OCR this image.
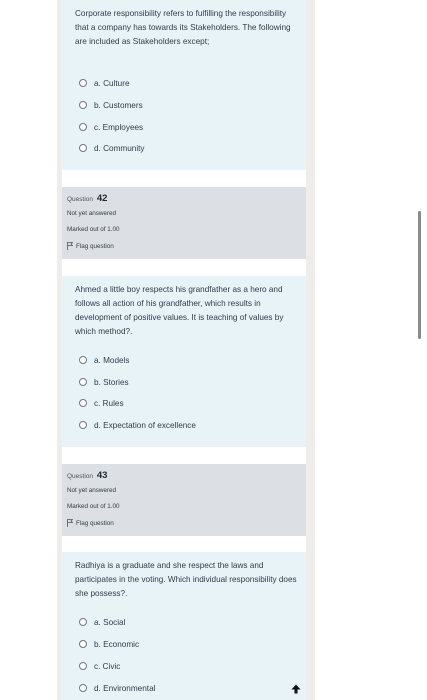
Corporate responsibility refers to fulfilling the responsibility that a company has towards its Stakeholders. The following are included as Stakeholders except;

a. Culture
b. Customers
c. Employees
d. Community
Question 42
Not yet answered
Marked out of 1.00
Flag question

Ahmed a little boy respects his grandfather as a hero and follows all action of his grandfather, which results in development of positive values. It is teaching of values by which method?.

a. Models
b. Stories
c. Rules
d. Expectation of excellence
Question 43
Not yet answered
Marked out of 1.00
Flag question

Radhiya is a graduate and she respect the laws and participates in the voting. Which individual responsibility does she possess?.

a. Social
b. Economic
c. Civic
d. Environmental
